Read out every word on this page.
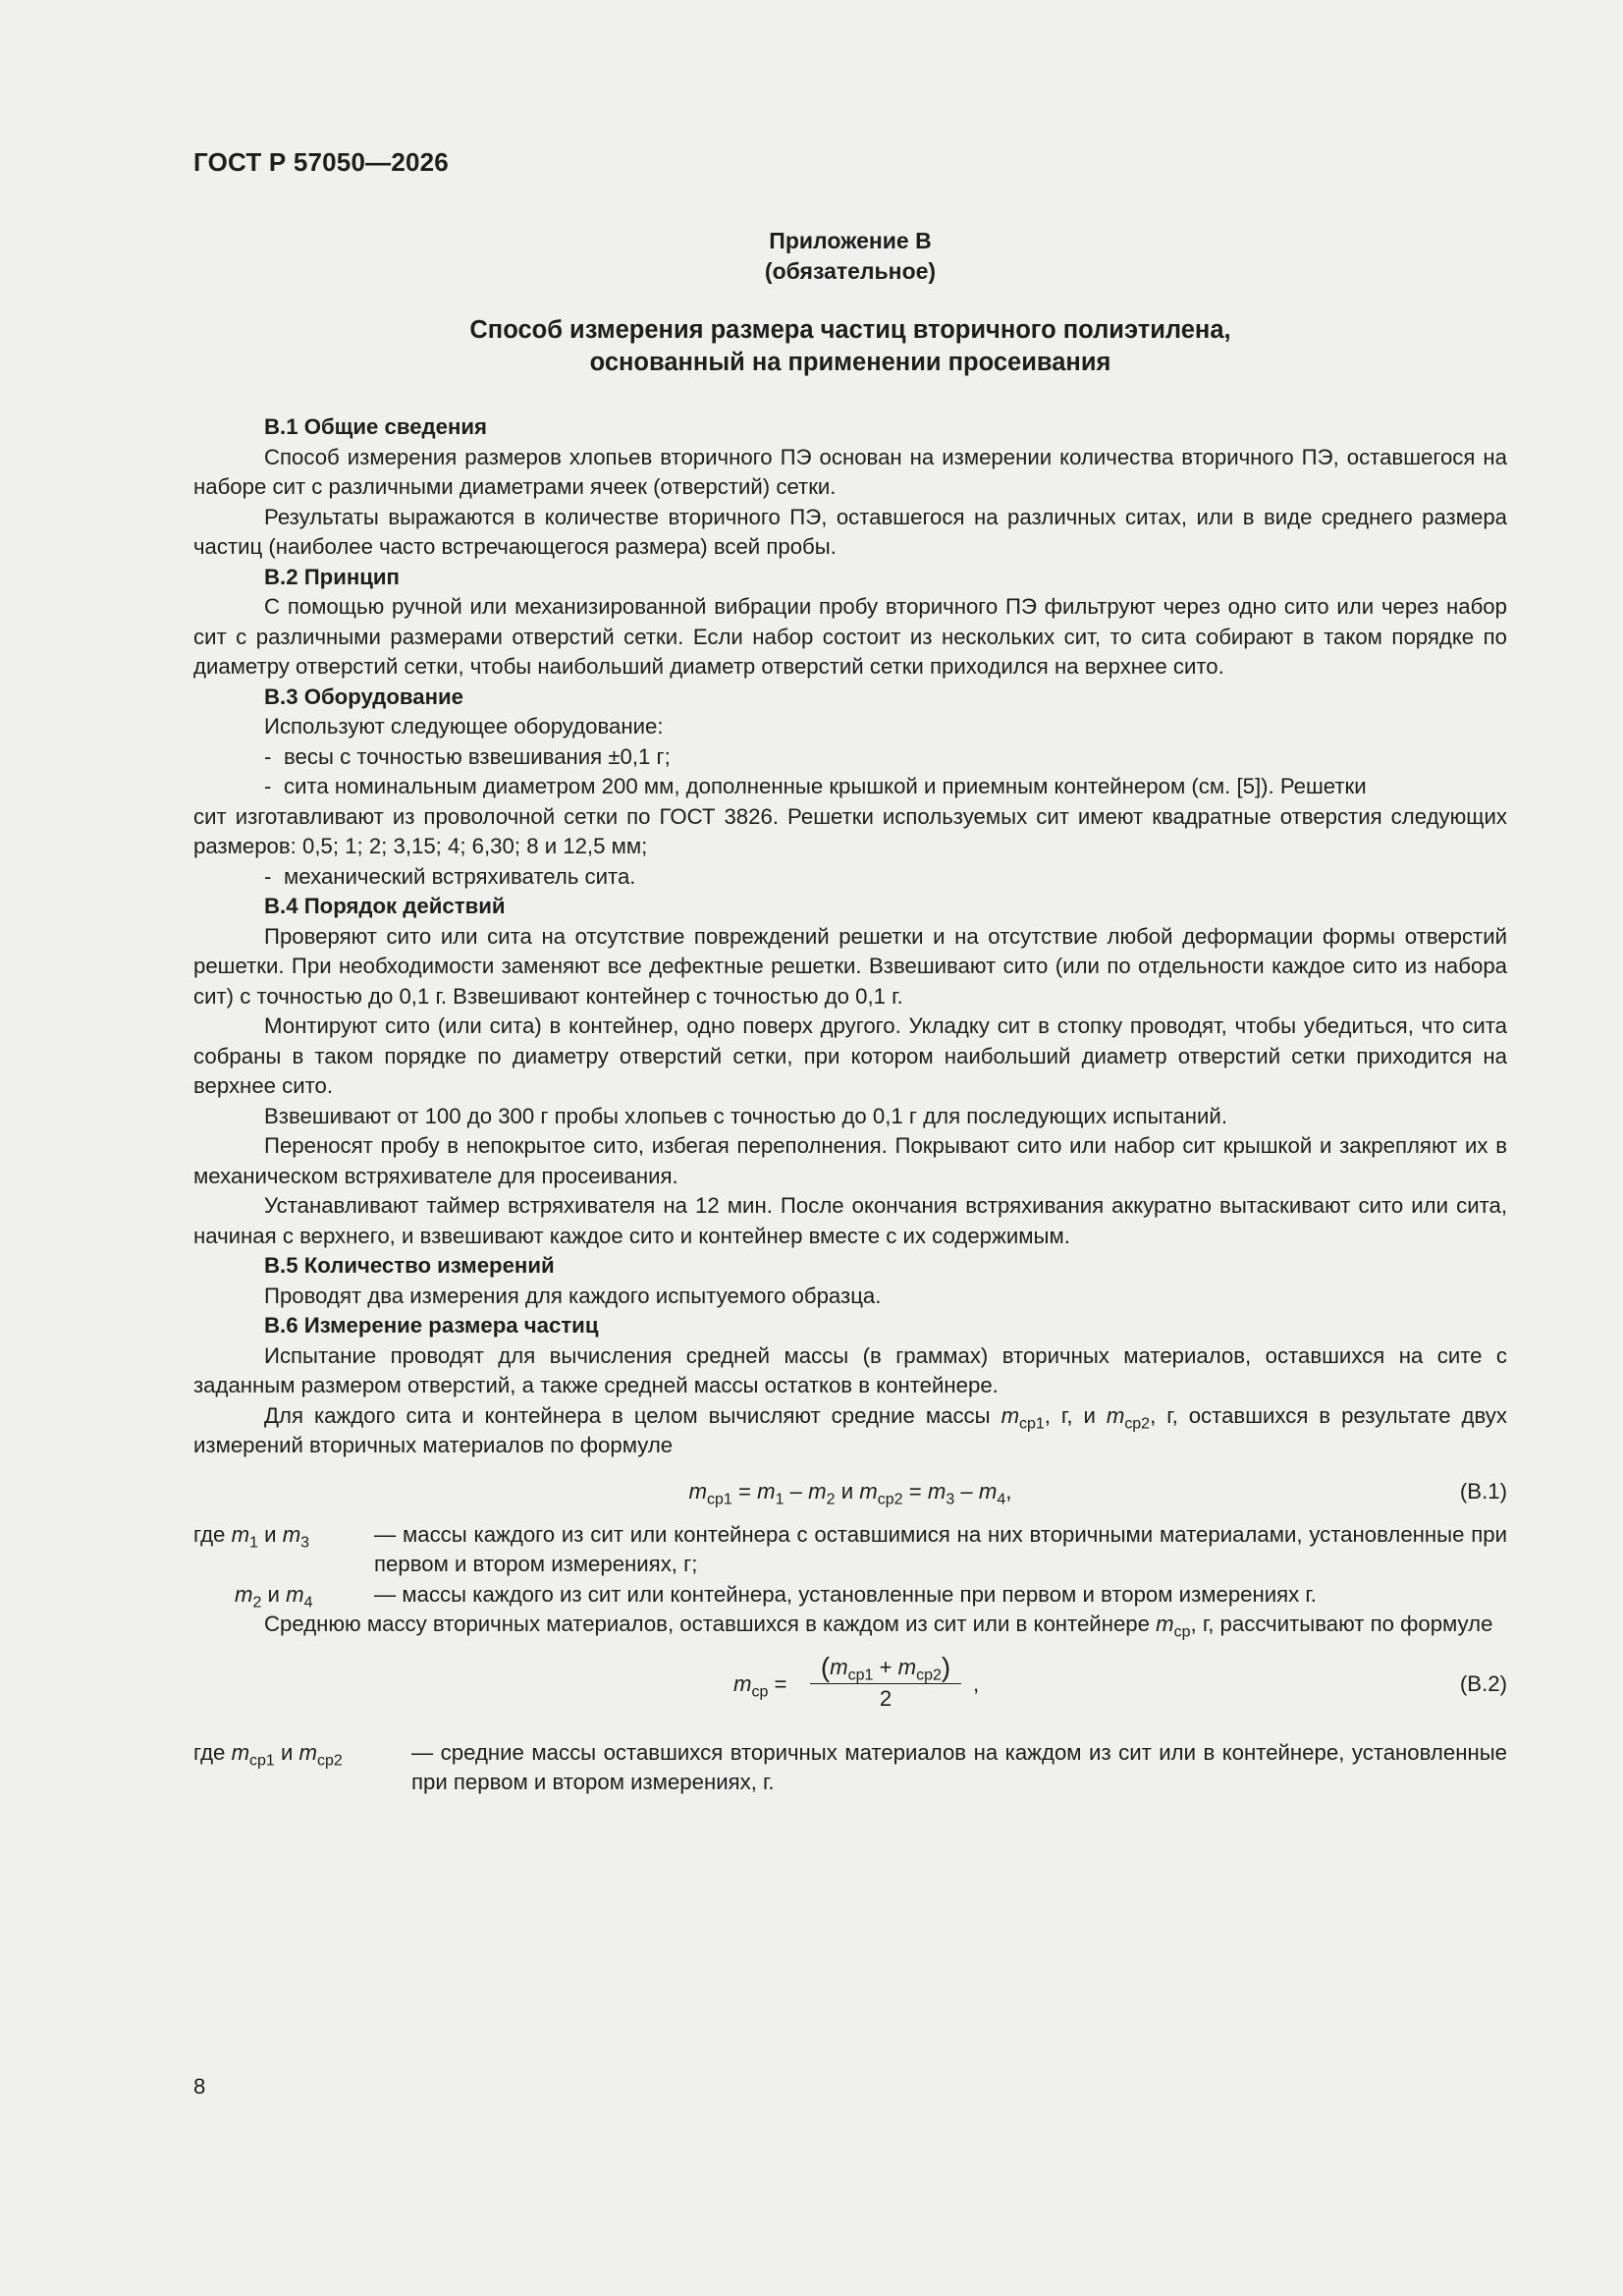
ГОСТ Р 57050—2026
Приложение В
(обязательное)
Способ измерения размера частиц вторичного полиэтилена,
основанный на применении просеивания
В.1 Общие сведения

Способ измерения размеров хлопьев вторичного ПЭ основан на измерении количества вторичного ПЭ, оставшегося на наборе сит с различными диаметрами ячеек (отверстий) сетки.

Результаты выражаются в количестве вторичного ПЭ, оставшегося на различных ситах, или в виде среднего размера частиц (наиболее часто встречающегося размера) всей пробы.

В.2 Принцип

С помощью ручной или механизированной вибрации пробу вторичного ПЭ фильтруют через одно сито или через набор сит с различными размерами отверстий сетки. Если набор состоит из нескольких сит, то сита собирают в таком порядке по диаметру отверстий сетки, чтобы наибольший диаметр отверстий сетки приходился на верхнее сито.

В.3 Оборудование

Используют следующее оборудование:

- весы с точностью взвешивания ±0,1 г;

- сита номинальным диаметром 200 мм, дополненные крышкой и приемным контейнером (см. [5]). Решетки

сит изготавливают из проволочной сетки по ГОСТ 3826. Решетки используемых сит имеют квадратные отверстия следующих размеров: 0,5; 1; 2; 3,15; 4; 6,30; 8 и 12,5 мм;

- механический встряхиватель сита.

В.4 Порядок действий

Проверяют сито или сита на отсутствие повреждений решетки и на отсутствие любой деформации формы отверстий решетки. При необходимости заменяют все дефектные решетки. Взвешивают сито (или по отдельности каждое сито из набора сит) с точностью до 0,1 г. Взвешивают контейнер с точностью до 0,1 г.

Монтируют сито (или сита) в контейнер, одно поверх другого. Укладку сит в стопку проводят, чтобы убедиться, что сита собраны в таком порядке по диаметру отверстий сетки, при котором наибольший диаметр отверстий сетки приходится на верхнее сито.

Взвешивают от 100 до 300 г пробы хлопьев с точностью до 0,1 г для последующих испытаний.

Переносят пробу в непокрытое сито, избегая переполнения. Покрывают сито или набор сит крышкой и закрепляют их в механическом встряхивателе для просеивания.

Устанавливают таймер встряхивателя на 12 мин. После окончания встряхивания аккуратно вытаскивают сито или сита, начиная с верхнего, и взвешивают каждое сито и контейнер вместе с их содержимым.

В.5 Количество измерений

Проводят два измерения для каждого испытуемого образца.

В.6 Измерение размера частиц

Испытание проводят для вычисления средней массы (в граммах) вторичных материалов, оставшихся на сите с заданным размером отверстий, а также средней массы остатков в контейнере.

Для каждого сита и контейнера в целом вычисляют средние массы $m_{ср1}$, г, и $m_{ср2}$, г, оставшихся в результате двух измерений вторичных материалов по формуле

$m_{ср1} = m_1 - m_2$ и $m_{ср2} = m_3 - m_4$,	(В.1)
где $m_1$ и $m_3$	— массы каждого из сит или контейнера с оставшимися на них вторичными материалами, установленные при первом и втором измерениях, г;
$m_2$ и $m_4$	— массы каждого из сит или контейнера, установленные при первом и втором измерениях г.

Среднюю массу вторичных материалов, оставшихся в каждом из сит или в контейнере $m_{ср}$, г, рассчитывают по формуле

$m_{ср}$ =
$(m_{ср1} + m_{ср2})$
2
,	(В.2)
где $m_{ср1}$ и $m_{ср2}$	— средние массы оставшихся вторичных материалов на каждом из сит или в контейнере, установленные при первом и втором измерениях, г.
8
